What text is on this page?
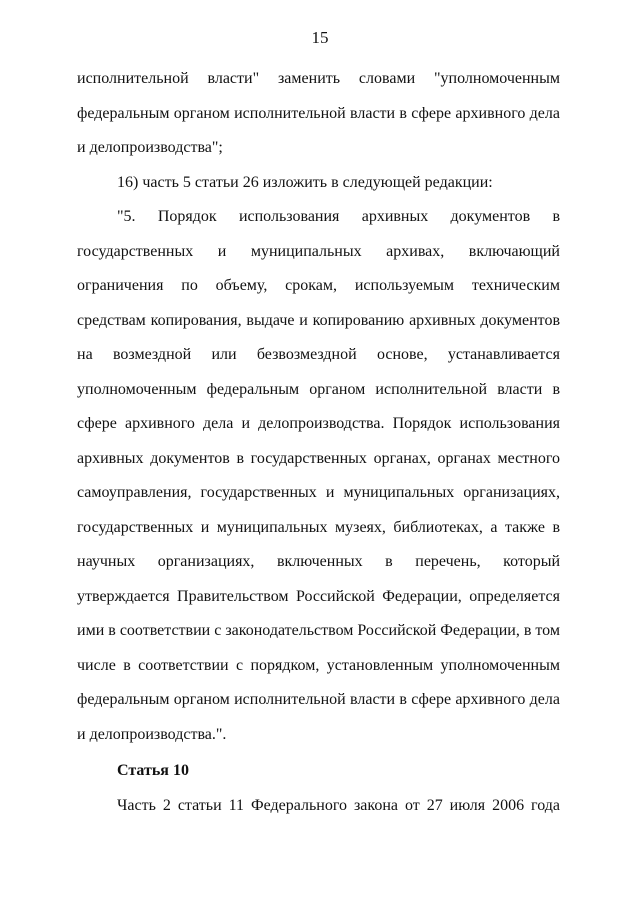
15

исполнительной власти" заменить словами "уполномоченным федеральным органом исполнительной власти в сфере архивного дела и делопроизводства";

16) часть 5 статьи 26 изложить в следующей редакции:

"5. Порядок использования архивных документов в государственных и муниципальных архивах, включающий ограничения по объему, срокам, используемым техническим средствам копирования, выдаче и копированию архивных документов на возмездной или безвозмездной основе, устанавливается уполномоченным федеральным органом исполнительной власти в сфере архивного дела и делопроизводства. Порядок использования архивных документов в государственных органах, органах местного самоуправления, государственных и муниципальных организациях, государственных и муниципальных музеях, библиотеках, а также в научных организациях, включенных в перечень, который утверждается Правительством Российской Федерации, определяется ими в соответствии с законодательством Российской Федерации, в том числе в соответствии с порядком, установленным уполномоченным федеральным органом исполнительной власти в сфере архивного дела и делопроизводства.".

Статья 10

Часть 2 статьи 11 Федерального закона от 27 июля 2006 года
